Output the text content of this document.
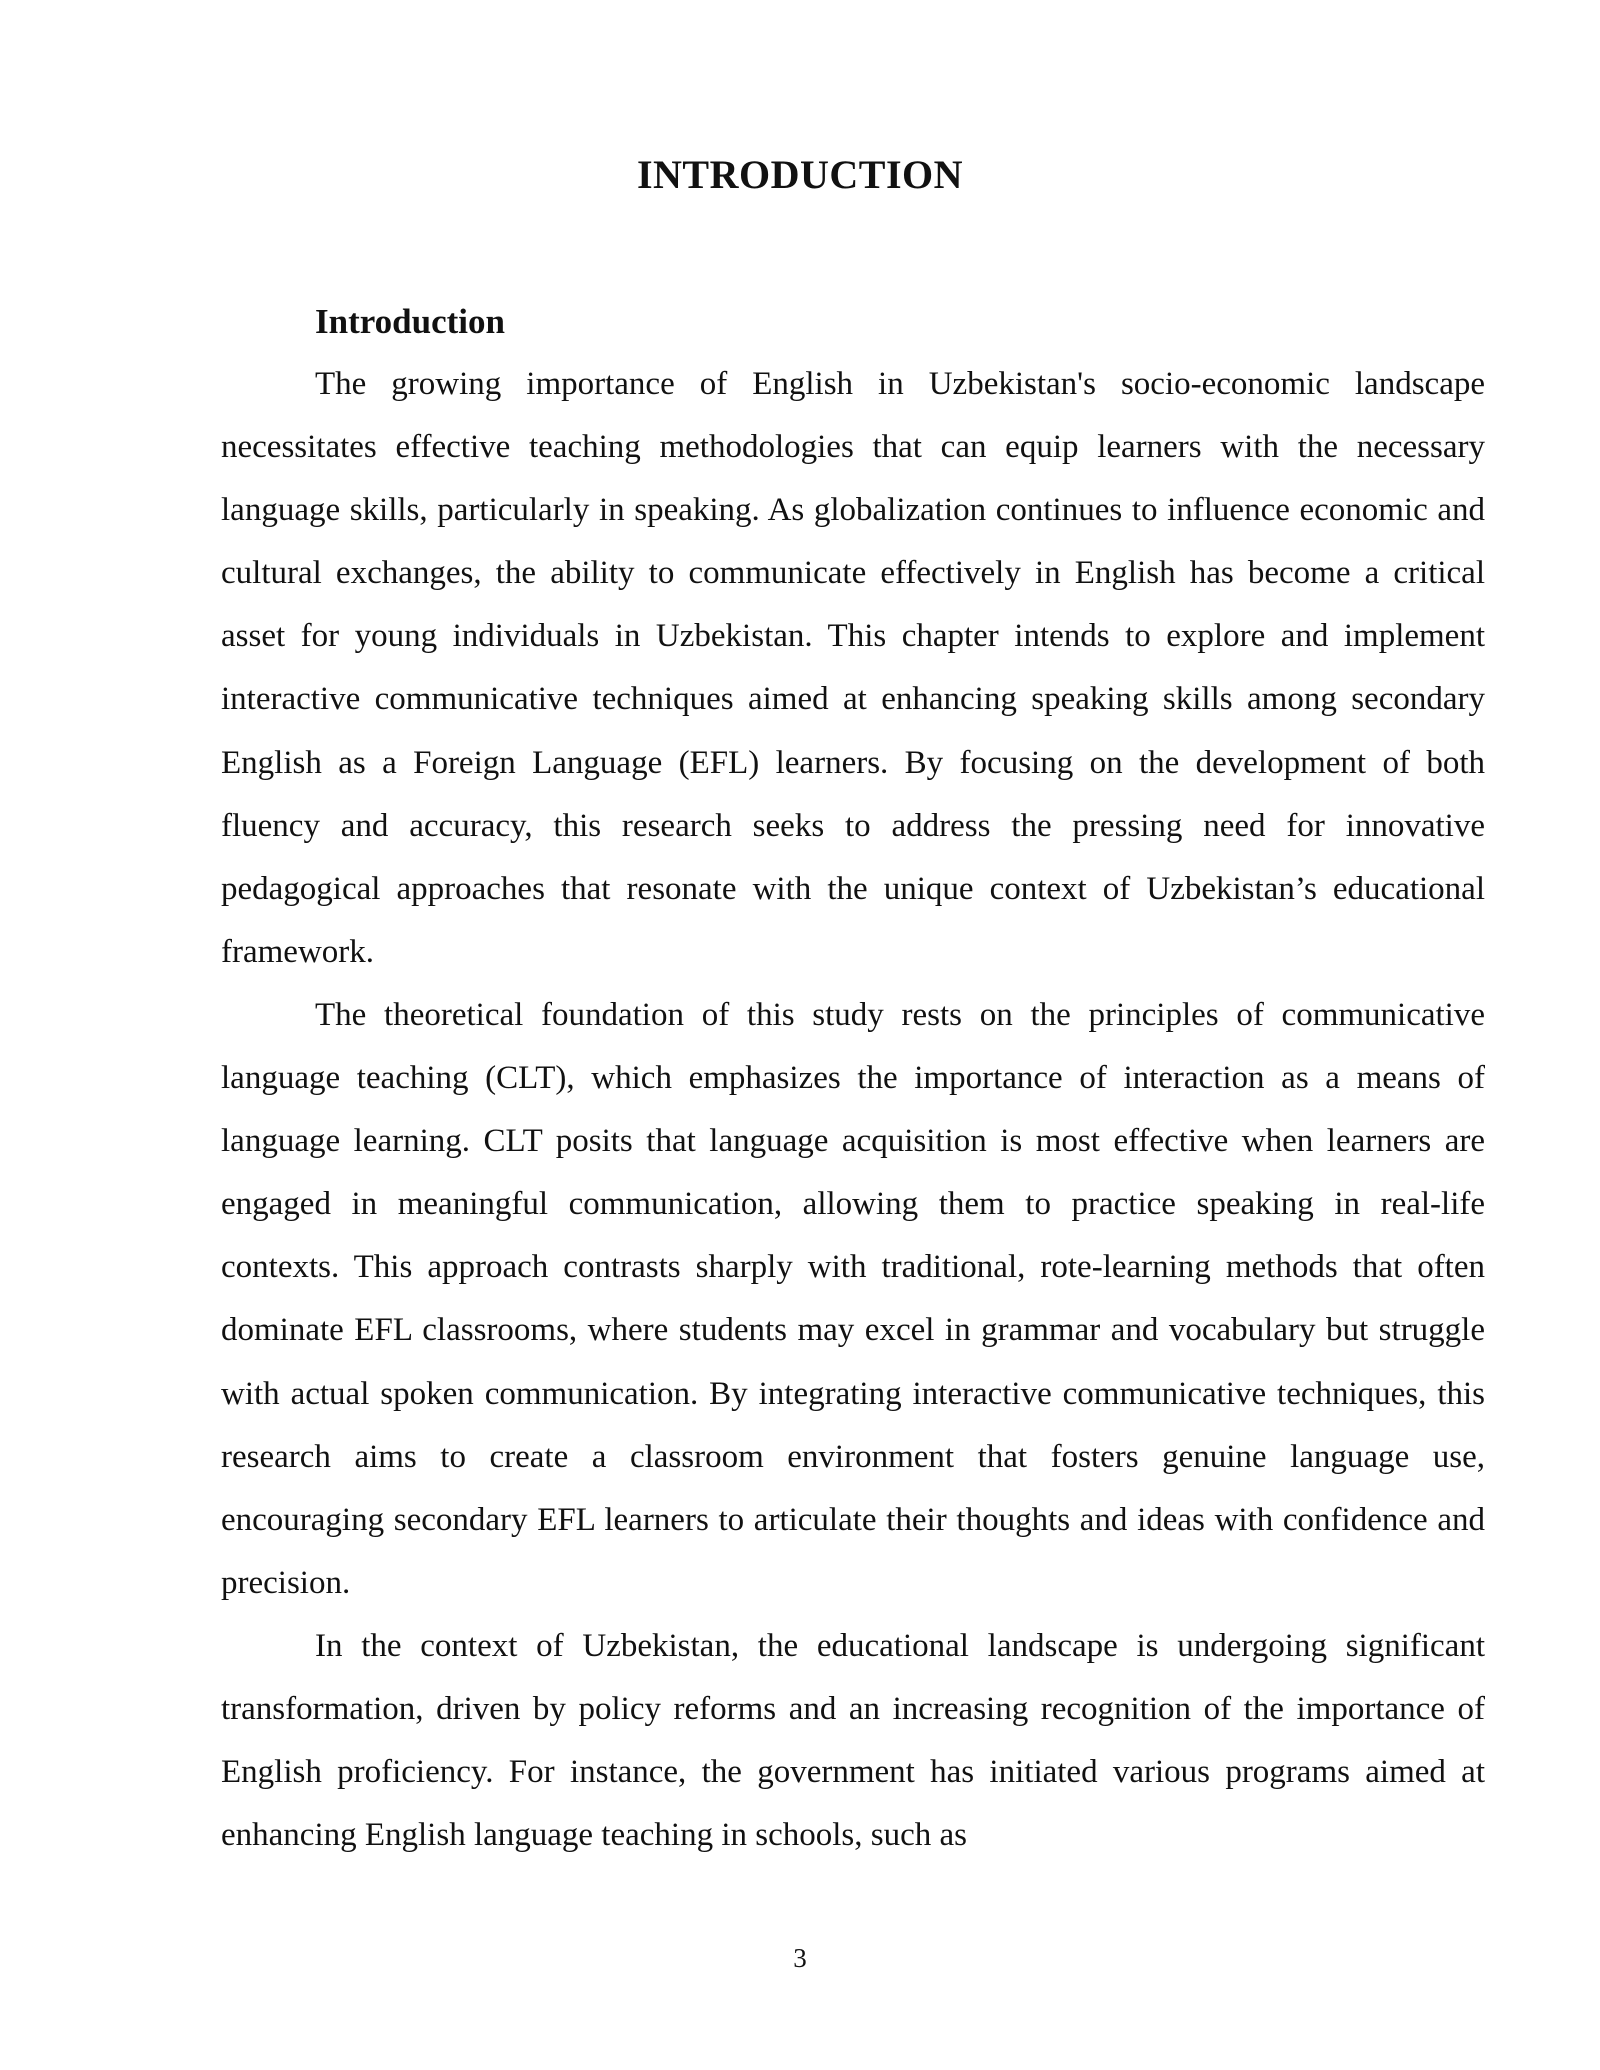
INTRODUCTION
Introduction

The growing importance of English in Uzbekistan's socio-economic landscape necessitates effective teaching methodologies that can equip learners with the necessary language skills, particularly in speaking. As globalization continues to influence economic and cultural exchanges, the ability to communicate effectively in English has become a critical asset for young individuals in Uzbekistan. This chapter intends to explore and implement interactive communicative techniques aimed at enhancing speaking skills among secondary English as a Foreign Language (EFL) learners. By focusing on the development of both fluency and accuracy, this research seeks to address the pressing need for innovative pedagogical approaches that resonate with the unique context of Uzbekistan’s educational framework.

The theoretical foundation of this study rests on the principles of communicative language teaching (CLT), which emphasizes the importance of interaction as a means of language learning. CLT posits that language acquisition is most effective when learners are engaged in meaningful communication, allowing them to practice speaking in real-life contexts. This approach contrasts sharply with traditional, rote-learning methods that often dominate EFL classrooms, where students may excel in grammar and vocabulary but struggle with actual spoken communication. By integrating interactive communicative techniques, this research aims to create a classroom environment that fosters genuine language use, encouraging secondary EFL learners to articulate their thoughts and ideas with confidence and precision.

In the context of Uzbekistan, the educational landscape is undergoing significant transformation, driven by policy reforms and an increasing recognition of the importance of English proficiency. For instance, the government has initiated various programs aimed at enhancing English language teaching in schools, such as

3
